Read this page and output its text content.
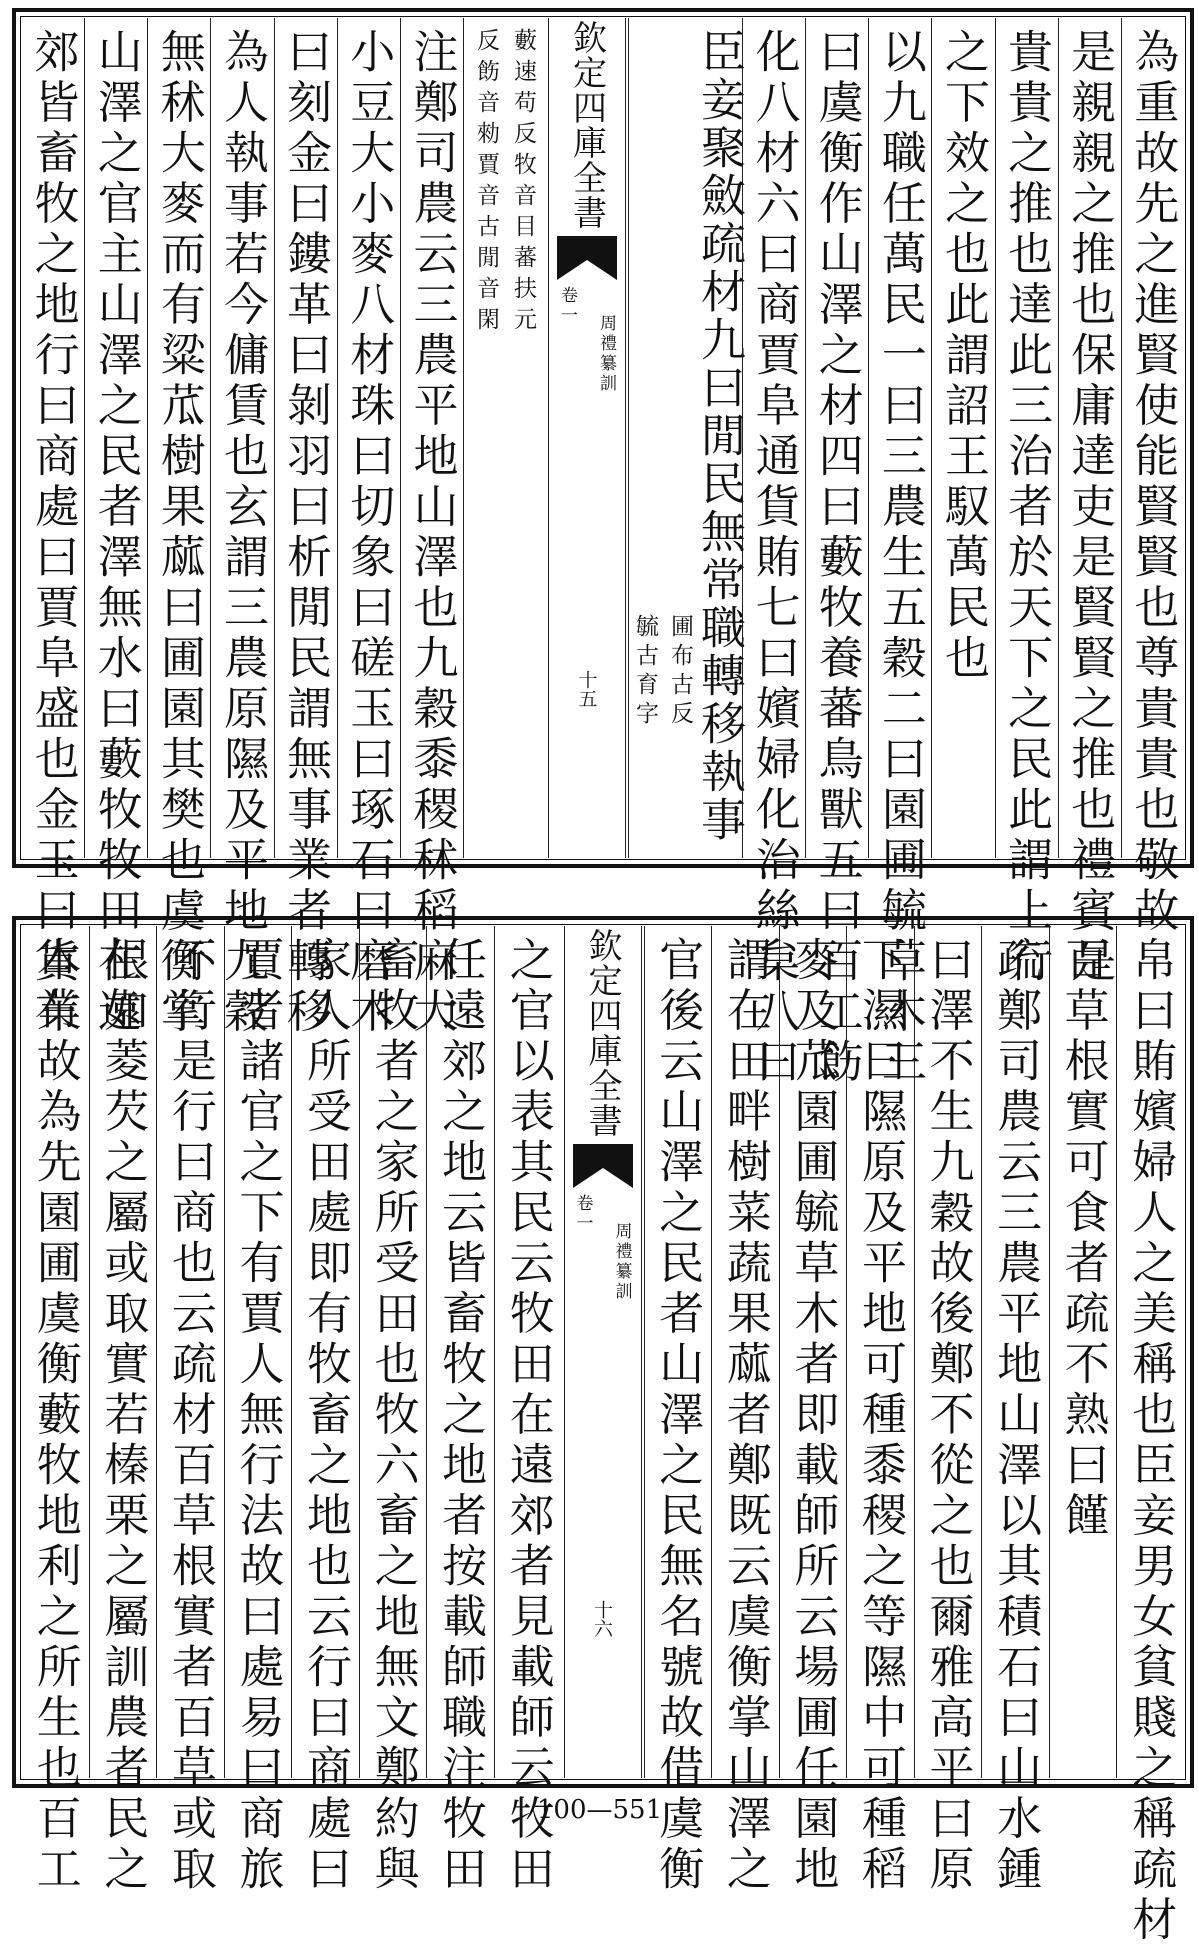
為重故先之進賢使能賢賢也尊貴貴也敬故
是親親之推也保庸達吏是賢賢之推也禮賓是
貴貴之推也達此三治者於天下之民此謂上行
之下效之也此謂詔王馭萬民也
以九職任萬民一曰三農生五穀二曰園圃毓草木三
曰虞衡作山澤之材四曰藪牧養蕃鳥獸五曰百工飭
化八材六曰商賈阜通貨賄七曰嬪婦化治絲枲八曰
臣妾聚斂疏材九曰閒民無常職轉移執事
圃布古反
毓古育字
欽定四庫全書
周禮纂訓
卷一
十五
藪速苟反牧音目蕃扶元
反飭音勑賈音古閒音閑
注鄭司農云三農平地山澤也九穀黍稷秫稻麻大
小豆大小麥八材珠曰切象曰磋玉曰琢石曰磨木
曰刻金曰鏤革曰剝羽曰析閒民謂無事業者轉移
為人執事若今傭賃也玄謂三農原隰及平地九穀
無秫大麥而有粱苽樹果蓏曰圃園其樊也虞衡掌
山澤之官主山澤之民者澤無水曰藪牧牧田在遠
郊皆畜牧之地行曰商處曰賈阜盛也金玉曰貨布
帛曰賄嬪婦人之美稱也臣妾男女貧賤之稱疏材
百草根實可食者疏不熟曰饉
疏鄭司農云三農平地山澤以其積石曰山水鍾
曰澤不生九穀故後鄭不從之也爾雅高平曰原
下濕曰隰原及平地可種黍稷之等隰中可種稻
麥及苽園圃毓草木者即載師所云場圃任園地
謂在田畔樹菜蔬果蓏者鄭既云虞衡掌山澤之
官後云山澤之民者山澤之民無名號故借虞衡
欽定四庫全書
周禮纂訓
卷一
十六
之官以表其民云牧田在遠郊者見載師云牧田
任遠郊之地云皆畜牧之地者按載師職注牧田
畜牧者之家所受田也牧六畜之地無文鄭約與
家人所受田處即有牧畜之地也云行曰商處曰
賈者諸官之下有賈人無行法故曰處易曰商旅
不行是行曰商也云疏材百草根實者百草或取
根如菱芡之屬或取實若榛栗之屬訓農者民之
本業故為先園圃虞衡藪牧地利之所生也百工	100—551
